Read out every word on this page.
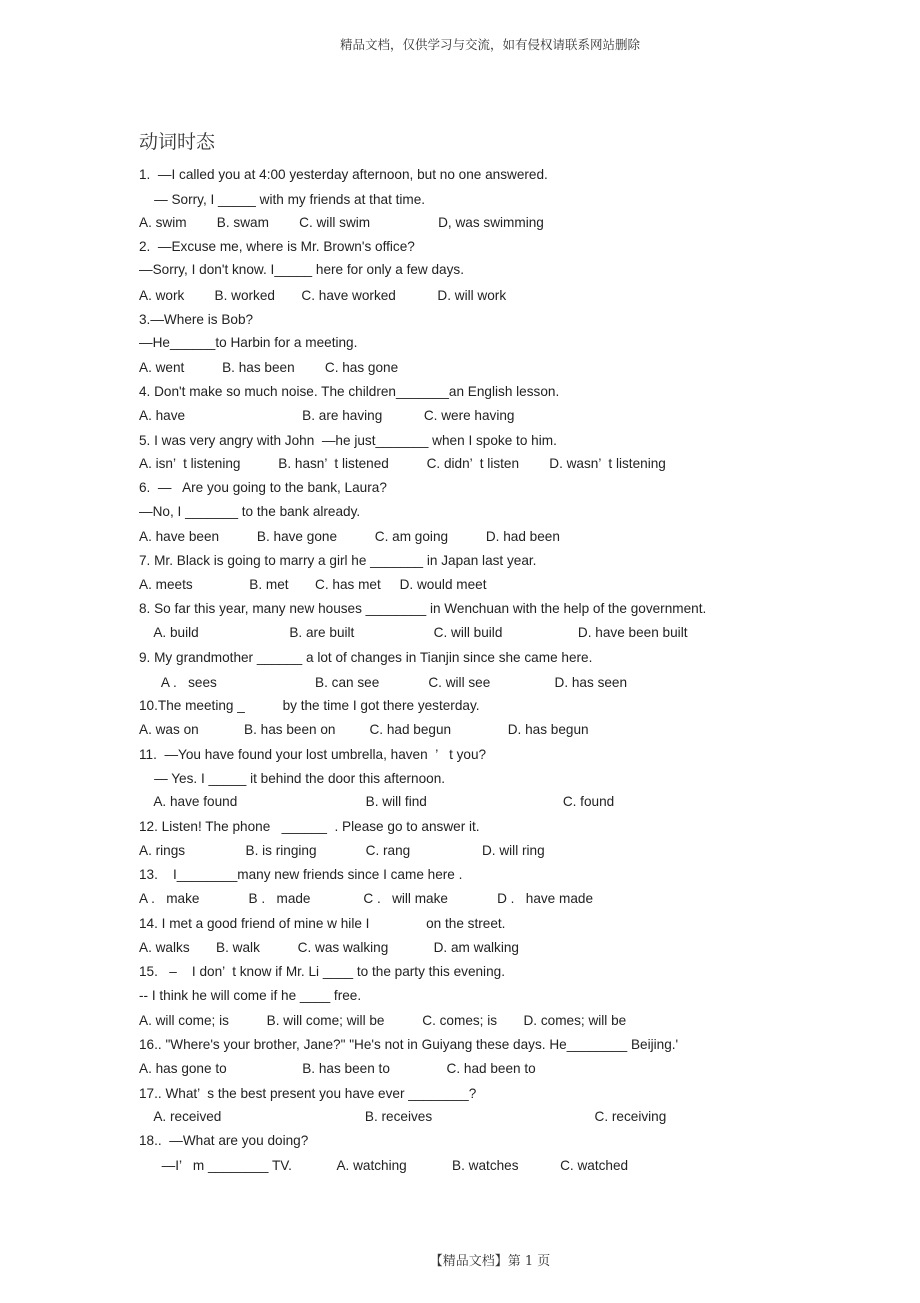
精品文档，仅供学习与交流，如有侵权请联系网站删除
动词时态
1.  —I called you at 4:00 yesterday afternoon, but no one answered.
— Sorry, I _____ with my friends at that time.
A. swim        B. swam        C. will swim                  D, was swimming
2.  —Excuse me, where is Mr. Brown's office?
—Sorry, I don't know. I_____ here for only a few days.
A. work        B. worked       C. have worked           D. will work
3.—Where is Bob?
—He______to Harbin for a meeting.
A. went          B. has been        C. has gone
4. Don't make so much noise. The children_______an English lesson.
A. have                               B. are having           C. were having
5. I was very angry with John  —he just_______ when I spoke to him.
A. isn’  t listening          B. hasn’  t listened          C. didn’  t listen        D. wasn’  t listening
6.  —   Are you going to the bank, Laura?
—No, I _______ to the bank already.
A. have been          B. have gone          C. am going          D. had been
7. Mr. Black is going to marry a girl he _______ in Japan last year.
A. meets               B. met       C. has met     D. would meet
8. So far this year, many new houses ________ in Wenchuan with the help of the government.
A. build                        B. are built                     C. will build                    D. have been built
9. My grandmother ______ a lot of changes in Tianjin since she came here.
A .   sees                          B. can see             C. will see                 D. has seen
10.The meeting _          by the time I got there yesterday.
A. was on            B. has been on         C. had begun               D. has begun
11.  —You have found your lost umbrella, haven  ’   t you?
— Yes. I _____ it behind the door this afternoon.
A. have found                                  B. will find                                    C. found
12. Listen! The phone   ______  . Please go to answer it.
A. rings                B. is ringing             C. rang                   D. will ring
13.    I________many new friends since I came here .
A .   make             B .   made              C .   will make             D .   have made
14. I met a good friend of mine w hile I               on the street.
A. walks       B. walk          C. was walking            D. am walking
15.   –    I don’  t know if Mr. Li ____ to the party this evening.
-- I think he will come if he ____ free.
A. will come; is          B. will come; will be          C. comes; is       D. comes; will be
16.. "Where's your brother, Jane?" "He's not in Guiyang these days. He________ Beijing.'
A. has gone to                    B. has been to               C. had been to
17.. What’  s the best present you have ever ________?
A. received                                      B. receives                                           C. receiving
18..  —What are you doing?
—I’   m ________ TV.            A. watching            B. watches           C. watched
【精品文档】第 1 页
